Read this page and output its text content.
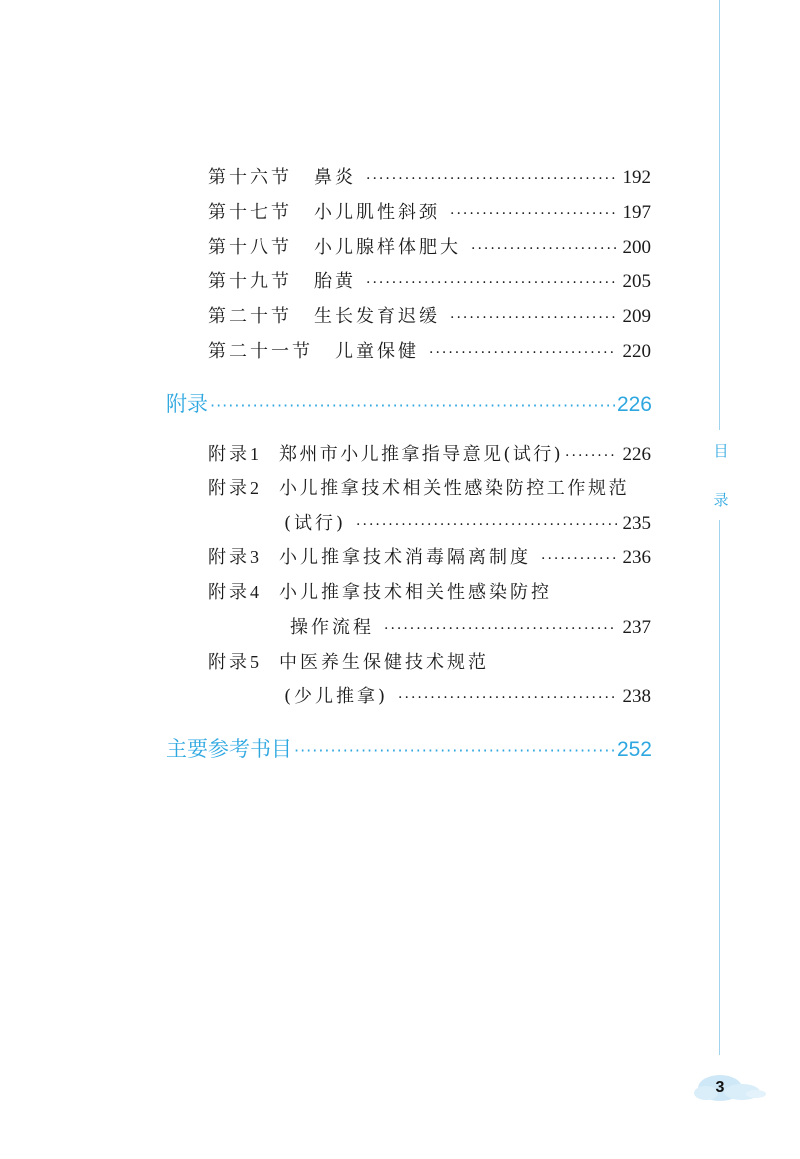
目
录
第十六节 鼻炎 ·····	192
第十七节 小儿肌性斜颈 ·····	197
第十八节 小儿腺样体肥大 ·····	200
第十九节 胎黄 ·····	205
第二十节 生长发育迟缓 ·····	209
第二十一节 儿童保健 ·····	220
附录 ·····	226
附录 1 郑州市小儿推拿指导意见(试行) ·····	226
附录 2 小儿推拿技术相关性感染防控工作规范
(试行) ·····	235
附录 3 小儿推拿技术消毒隔离制度 ·····	236
附录 4 小儿推拿技术相关性感染防控
操作流程 ·····	237
附录 5 中医养生保健技术规范
(少儿推拿) ·····	238
主要参考书目 ·····	252
3
